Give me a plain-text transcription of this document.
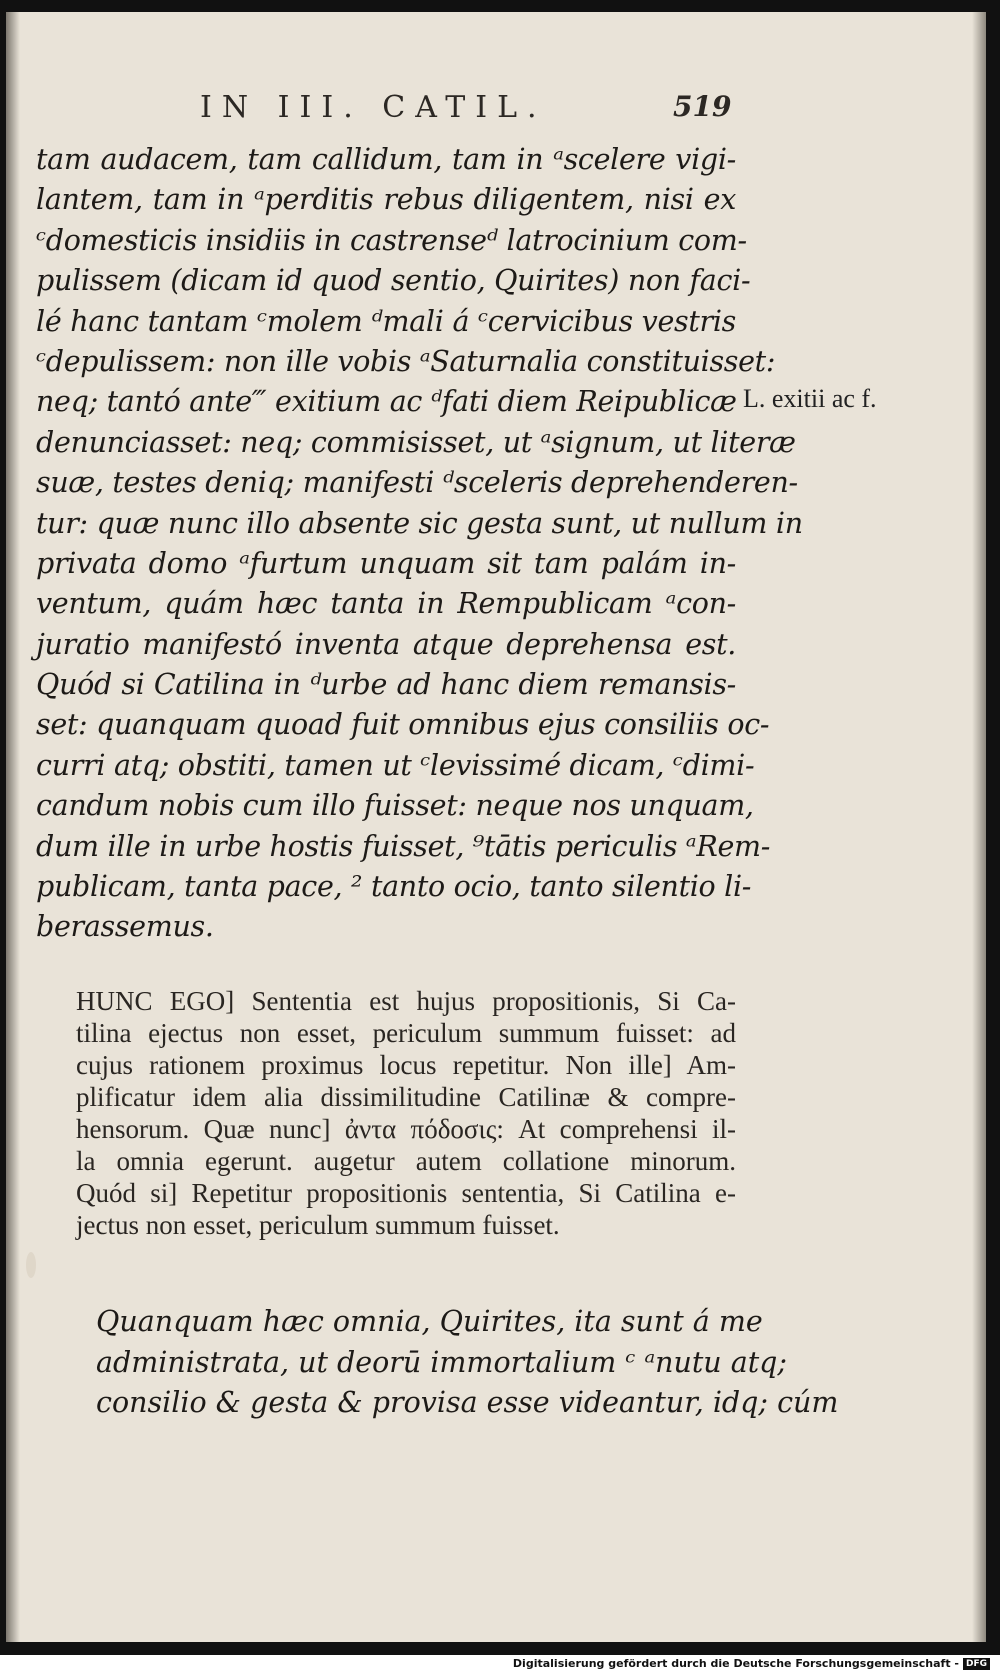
IN III. CATIL.	519
tam audacem, tam callidum, tam in ᵃscelere vigi-
lantem, tam in ᵃperditis rebus diligentem, nisi ex
ᶜdomesticis insidiis in castrenseᵈ latrocinium com-
pulissem (dicam id quod sentio, Quirites) non faci-
lé hanc tantam ᶜmolem ᵈmali á ᶜcervicibus vestris
ᶜdepulissem: non ille vobis ᵃSaturnalia constituisset:
neq; tantó ante‴ exitium ac ᵈfati diem Reipublicæ
denunciasset: neq; commisisset, ut ᵃsignum, ut literæ
suæ, testes deniq; manifesti ᵈsceleris deprehenderen-
tur: quæ nunc illo absente sic gesta sunt, ut nullum in
privata domo ᵃfurtum unquam sit tam palám in-
ventum, quám hæc tanta in Rempublicam ᵃcon-
juratio manifestó inventa atque deprehensa est.
Quód si Catilina in ᵈurbe ad hanc diem remansis-
set: quanquam quoad fuit omnibus ejus consiliis oc-
curri atq; obstiti, tamen ut ᶜlevissimé dicam, ᶜdimi-
candum nobis cum illo fuisset: neque nos unquam,
dum ille in urbe hostis fuisset, ⁹tātis periculis ᵃRem-
publicam, tanta pace, ² tanto ocio, tanto silentio li-
berassemus.
L. exitii ac f.
HUNC EGO] Sententia est hujus propositionis, Si Ca-
tilina ejectus non esset, periculum summum fuisset: ad
cujus rationem proximus locus repetitur. Non ille] Am-
plificatur idem alia dissimilitudine Catilinæ & compre-
hensorum. Quæ nunc] ἀντα πόδοσις: At comprehensi il-
la omnia egerunt. augetur autem collatione minorum.
Quód si] Repetitur propositionis sententia, Si Catilina e-
jectus non esset, periculum summum fuisset.
Quanquam hæc omnia, Quirites, ita sunt á me
administrata, ut deorū immortalium ᶜ ᵃnutu atq;
consilio & gesta & provisa esse videantur, idq; cúm
Digitalisierung gefördert durch die Deutsche Forschungsgemeinschaft - DFG
